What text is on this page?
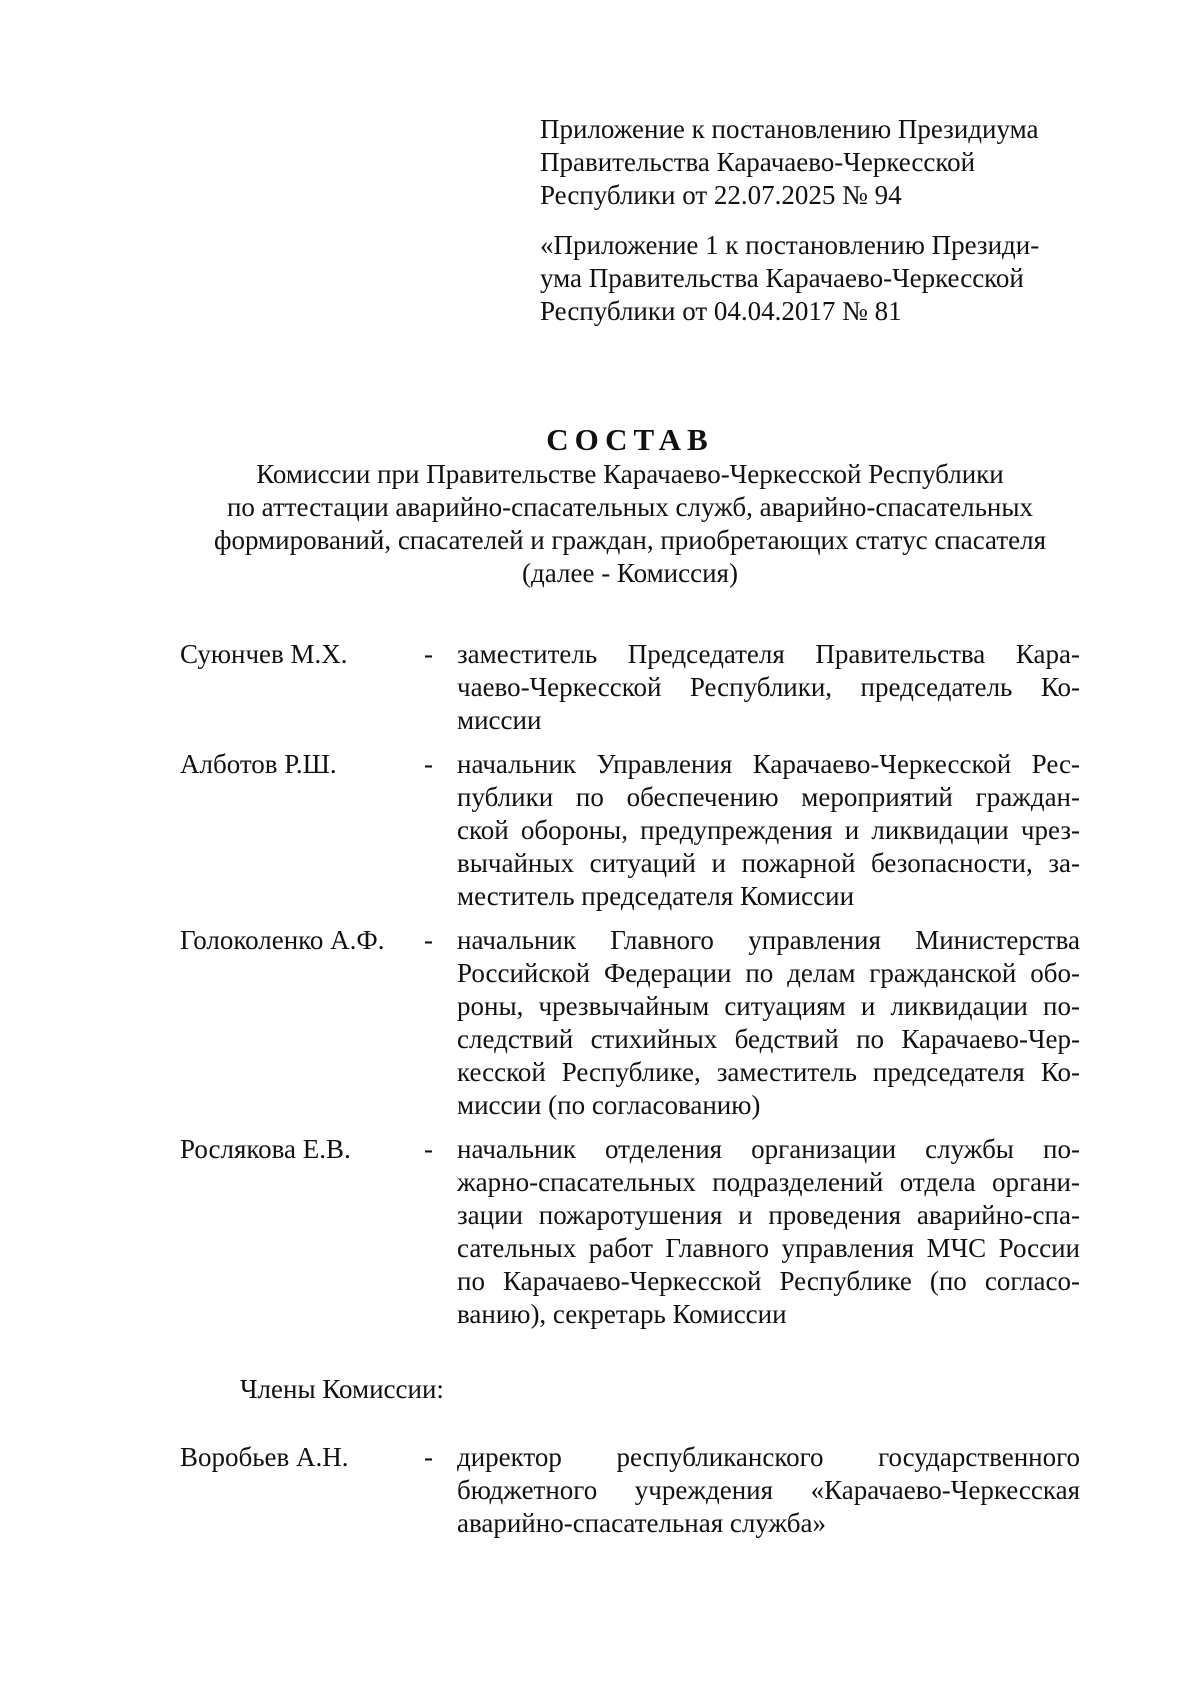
Приложение к постановлению Президиума
Правительства Карачаево-Черкесской
Республики от 22.07.2025 № 94
«Приложение 1 к постановлению Президи-
ума Правительства Карачаево-Черкесской
Республики от 04.04.2017 № 81
СОСТАВ
Комиссии при Правительстве Карачаево-Черкесской Республики
по аттестации аварийно-спасательных служб, аварийно-спасательных
формирований, спасателей и граждан, приобретающих статус спасателя
(далее - Комиссия)
Суюнчев М.Х.	- заместитель Председателя Правительства Кара-
чаево-Черкесской Республики, председатель Ко-
миссии
Алботов Р.Ш.	- начальник Управления Карачаево-Черкесской Рес-
публики по обеспечению мероприятий граждан-
ской обороны, предупреждения и ликвидации чрез-
вычайных ситуаций и пожарной безопасности, за-
меститель председателя Комиссии
Голоколенко А.Ф. - начальник Главного управления Министерства
Российской Федерации по делам гражданской обо-
роны, чрезвычайным ситуациям и ликвидации по-
следствий стихийных бедствий по Карачаево-Чер-
кесской Республике, заместитель председателя Ко-
миссии (по согласованию)
Рослякова Е.В.	- начальник отделения организации службы по-
жарно-спасательных подразделений отдела органи-
зации пожаротушения и проведения аварийно-спа-
сательных работ Главного управления МЧС России
по Карачаево-Черкесской Республике (по согласо-
ванию), секретарь Комиссии
Члены Комиссии:
Воробьев А.Н.	- директор республиканского государственного
бюджетного учреждения «Карачаево-Черкесская
аварийно-спасательная служба»
